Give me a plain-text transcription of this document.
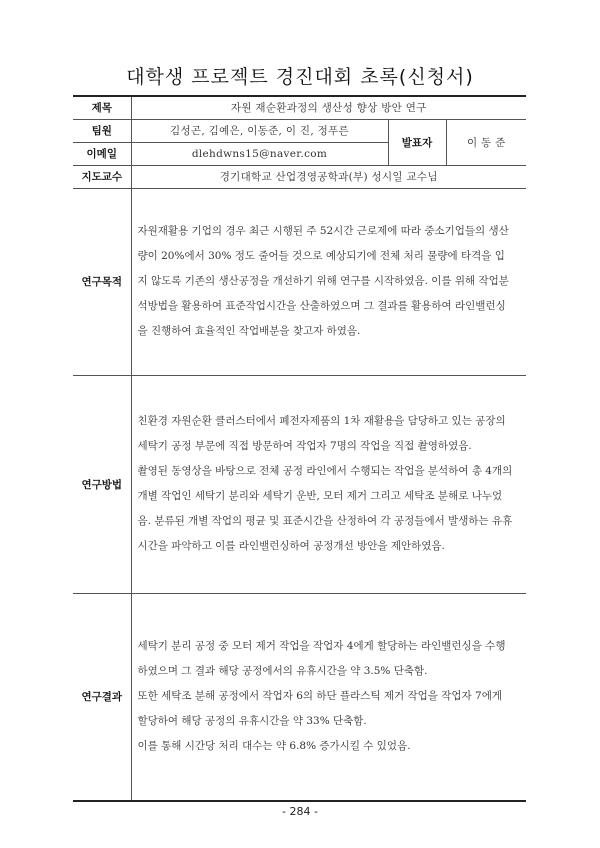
대학생 프로젝트 경진대회 초록(신청서)
제목	자원 재순환과정의 생산성 향상 방안 연구		
팀원	김성곤, 김예은, 이동준, 이 진, 정푸른	발표자	이 동 준
이메일	dlehdwns15@naver.com		
지도교수	경기대학교 산업경영공학과(부) 성시일 교수님		
연구목적	자원재활용 기업의 경우 최근 시행된 주 52시간 근로제에 따라 중소기업들의 생산량이 20%에서 30% 정도 줄어들 것으로 예상되기에 전체 처리 물량에 타격을 입지 않도록 기존의 생산공정을 개선하기 위해 연구를 시작하였음. 이를 위해 작업분석방법을 활용하여 표준작업시간을 산출하였으며 그 결과를 활용하여 라인밸런싱을 진행하여 효율적인 작업배분을 찾고자 하였음.		

연구방법	친환경 자원순환 클러스터에서 폐전자제품의 1차 재활용을 담당하고 있는 공장의 세탁기 공정 부문에 직접 방문하여 작업자 7명의 작업을 직접 촬영하였음.

촬영된 동영상을 바탕으로 전체 공정 라인에서 수행되는 작업을 분석하여 총 4개의 개별 작업인 세탁기 분리와 세탁기 운반, 모터 제거 그리고 세탁조 분해로 나누었음. 분류된 개별 작업의 평균 및 표준시간을 산정하여 각 공정들에서 발생하는 유휴시간을 파악하고 이를 라인밸런싱하여 공정개선 방안을 제안하였음.		

연구결과	세탁기 분리 공정 중 모터 제거 작업을 작업자 4에게 할당하는 라인밸런싱을 수행하였으며 그 결과 해당 공정에서의 유휴시간을 약 3.5% 단축함.

또한 세탁조 분해 공정에서 작업자 6의 하단 플라스틱 제거 작업을 작업자 7에게 할당하여 해당 공정의 유휴시간을 약 33% 단축함.

이를 통해 시간당 처리 대수는 약 6.8% 증가시킬 수 있었음.		

- 284 -
